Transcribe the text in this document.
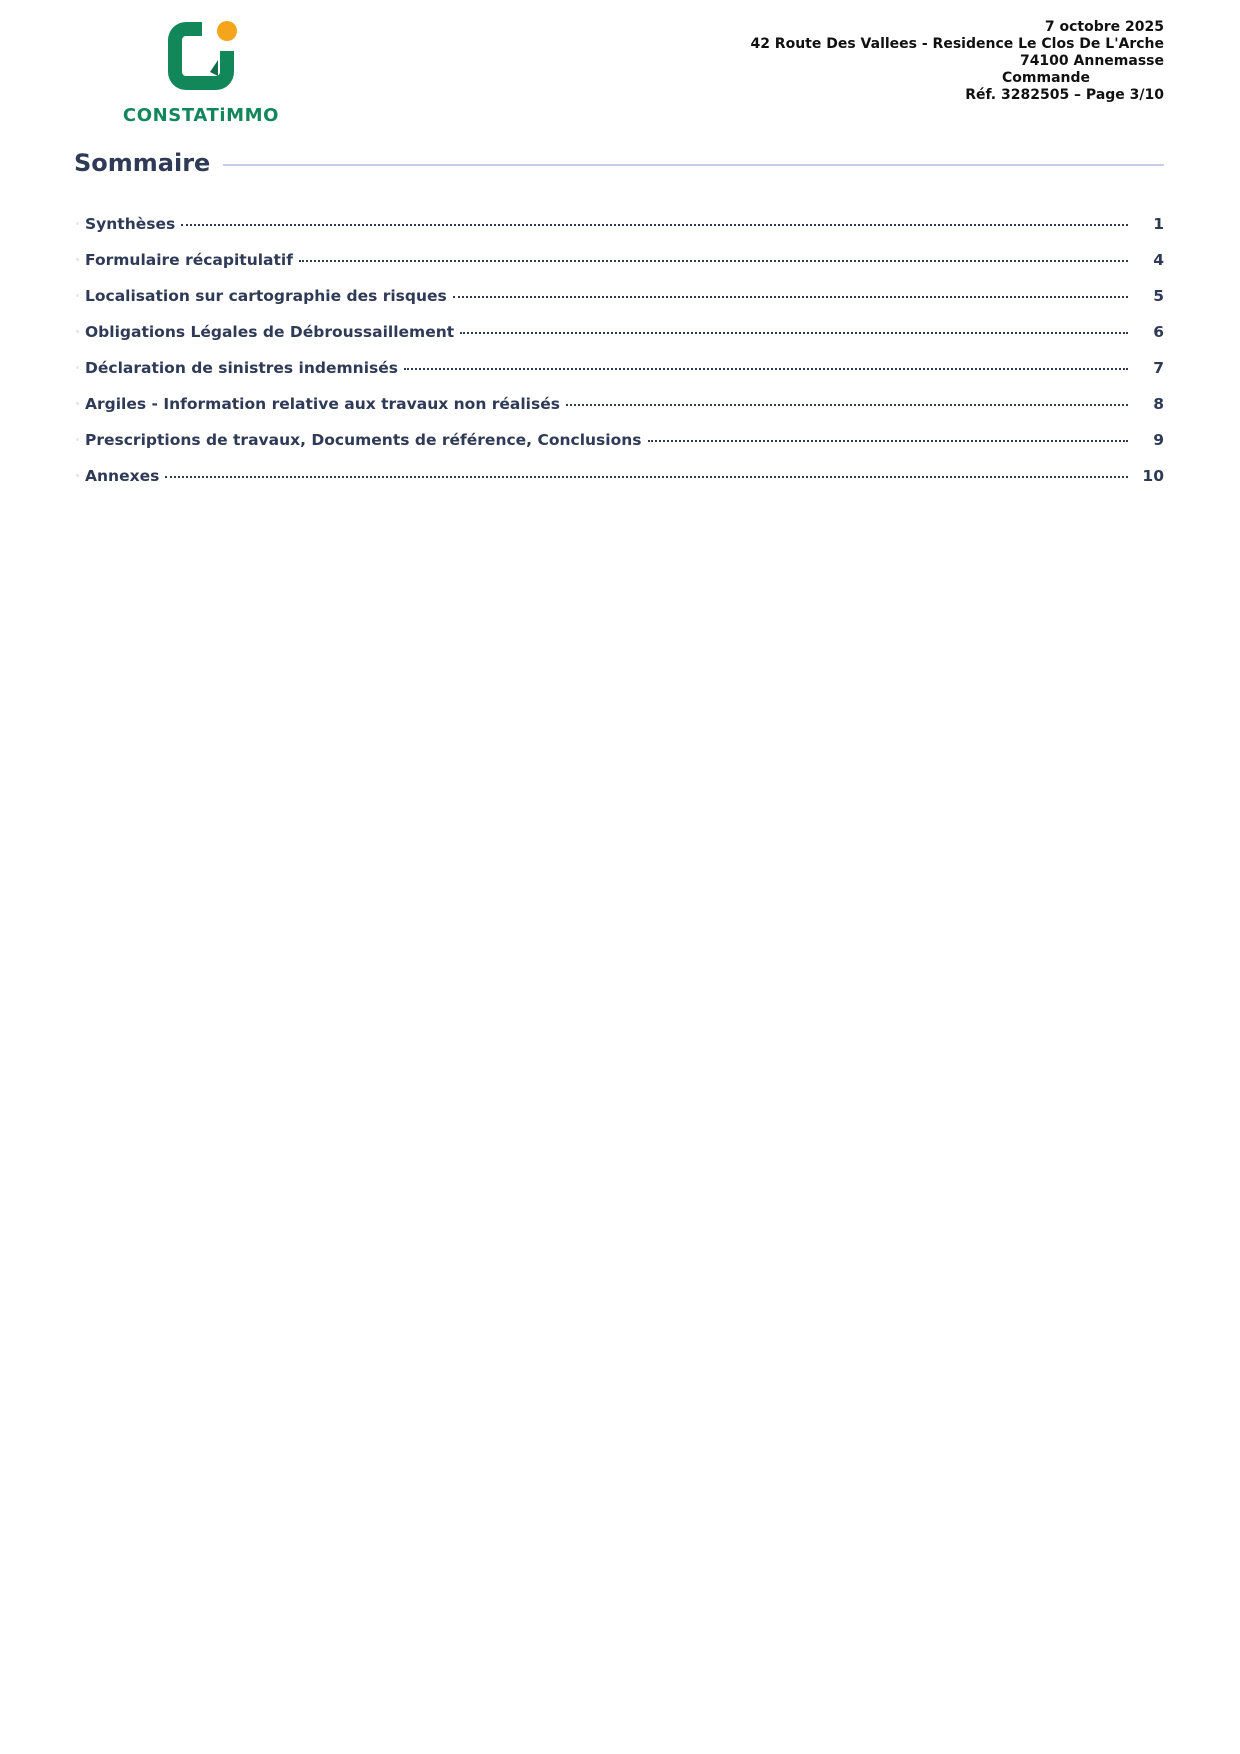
CONSTATiMMO
7 octobre 2025
42 Route Des Vallees - Residence Le Clos De L'Arche
74100 Annemasse
Commande
Réf. 3282505 – Page 3/10
Sommaire
Synthèses	1
Formulaire récapitulatif	4
Localisation sur cartographie des risques	5
Obligations Légales de Débroussaillement	6
Déclaration de sinistres indemnisés	7
Argiles - Information relative aux travaux non réalisés	8
Prescriptions de travaux, Documents de référence, Conclusions	9
Annexes	10
